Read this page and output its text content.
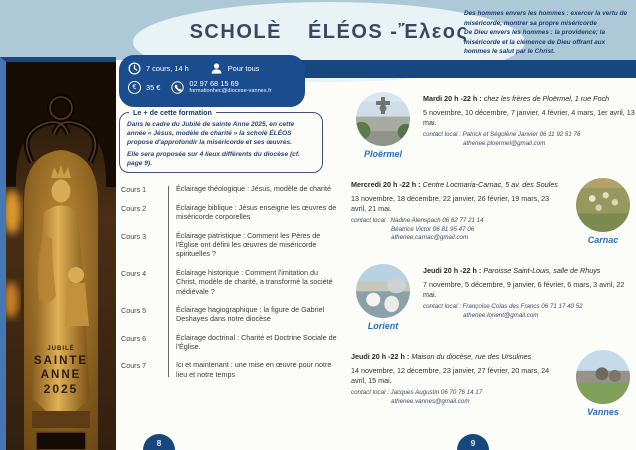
SCHOLÈ ÉLÉOS -Ἔλεος

Des hommes envers les hommes : exercer la vertu de miséricorde, montrer sa propre miséricorde

De Dieu envers les hommes : la providence; la miséricorde et la clémence de Dieu offrant aux hommes le salut par le Christ.

7 cours, 14 h	Pour tous
€	35 €	02 97 68 15 69
formationhec@diocese-vannes.fr
JUBILÉ
SAINTE
ANNE
2025
Le + de cette formation

Dans le cadre du Jubilé de sainte Anne 2025, en cette année « Jésus, modèle de charité » la scholè ÉLÉOS propose d'approfondir la miséricorde et ses œuvres.

Elle sera proposée sur 4 lieux différents du diocèse (cf. page 9).

Cours 1	Éclairage théologique : Jésus, modèle de charité
Cours 2	Éclairage biblique : Jésus enseigne les œuvres de miséricorde corporelles
Cours 3	Éclairage patristique : Comment les Pères de l'Église ont défini les œuvres de miséricorde spirituelles ?
Cours 4	Éclairage historique : Comment l'imitation du Christ, modèle de charité, a transformé la société médiévale ?
Cours 5	Éclairage hagiographique : la figure de Gabriel Deshayes dans notre diocèse
Cours 6	Éclairage doctrinal : Charité et Doctrine Sociale de l'Église.
Cours 7	Ici et maintenant : une mise en œuvre pour notre lieu et notre temps
Ploërmel
Mardi 20 h -22 h : chez les frères de Ploërmel, 1 rue Foch
5 novembre, 10 décembre, 7 janvier, 4 février, 4 mars, 1er avril, 13 mai.
contact local : Patrick et Ségolène Janvier 06 11 92 51 76
athenee.ploermel@gmail.com
Carnac
Mercredi 20 h -22 h : Centre Locmaria-Carnac, 5 av. des Soules
13 novembre, 18 décembre, 22 janvier, 26 février, 19 mars, 23 avril, 21 mai.
contact local : Nadine Alenspach 06 62 77 21 14
Béatrice Victor 06 81 95 47 06
athenee.carnac@gmail.com
Lorient
Jeudi 20 h -22 h : Paroisse Saint-Louis, salle de Rhuys
7 novembre, 5 décembre, 9 janvier, 6 février, 6 mars, 3 avril, 22 mai.
contact local : Françoise Colas des Francs 06 71 17 40 52
athenee.lorient@gmail.com
Vannes
Jeudi 20 h -22 h : Maison du diocèse, rue des Ursulines
14 novembre, 12 décembre, 23 janvier, 27 février, 20 mars, 24 avril, 15 mai.
contact local : Jacques Augustin 06 70 76 14 17
athenee.vannes@gmail.com
8	9
